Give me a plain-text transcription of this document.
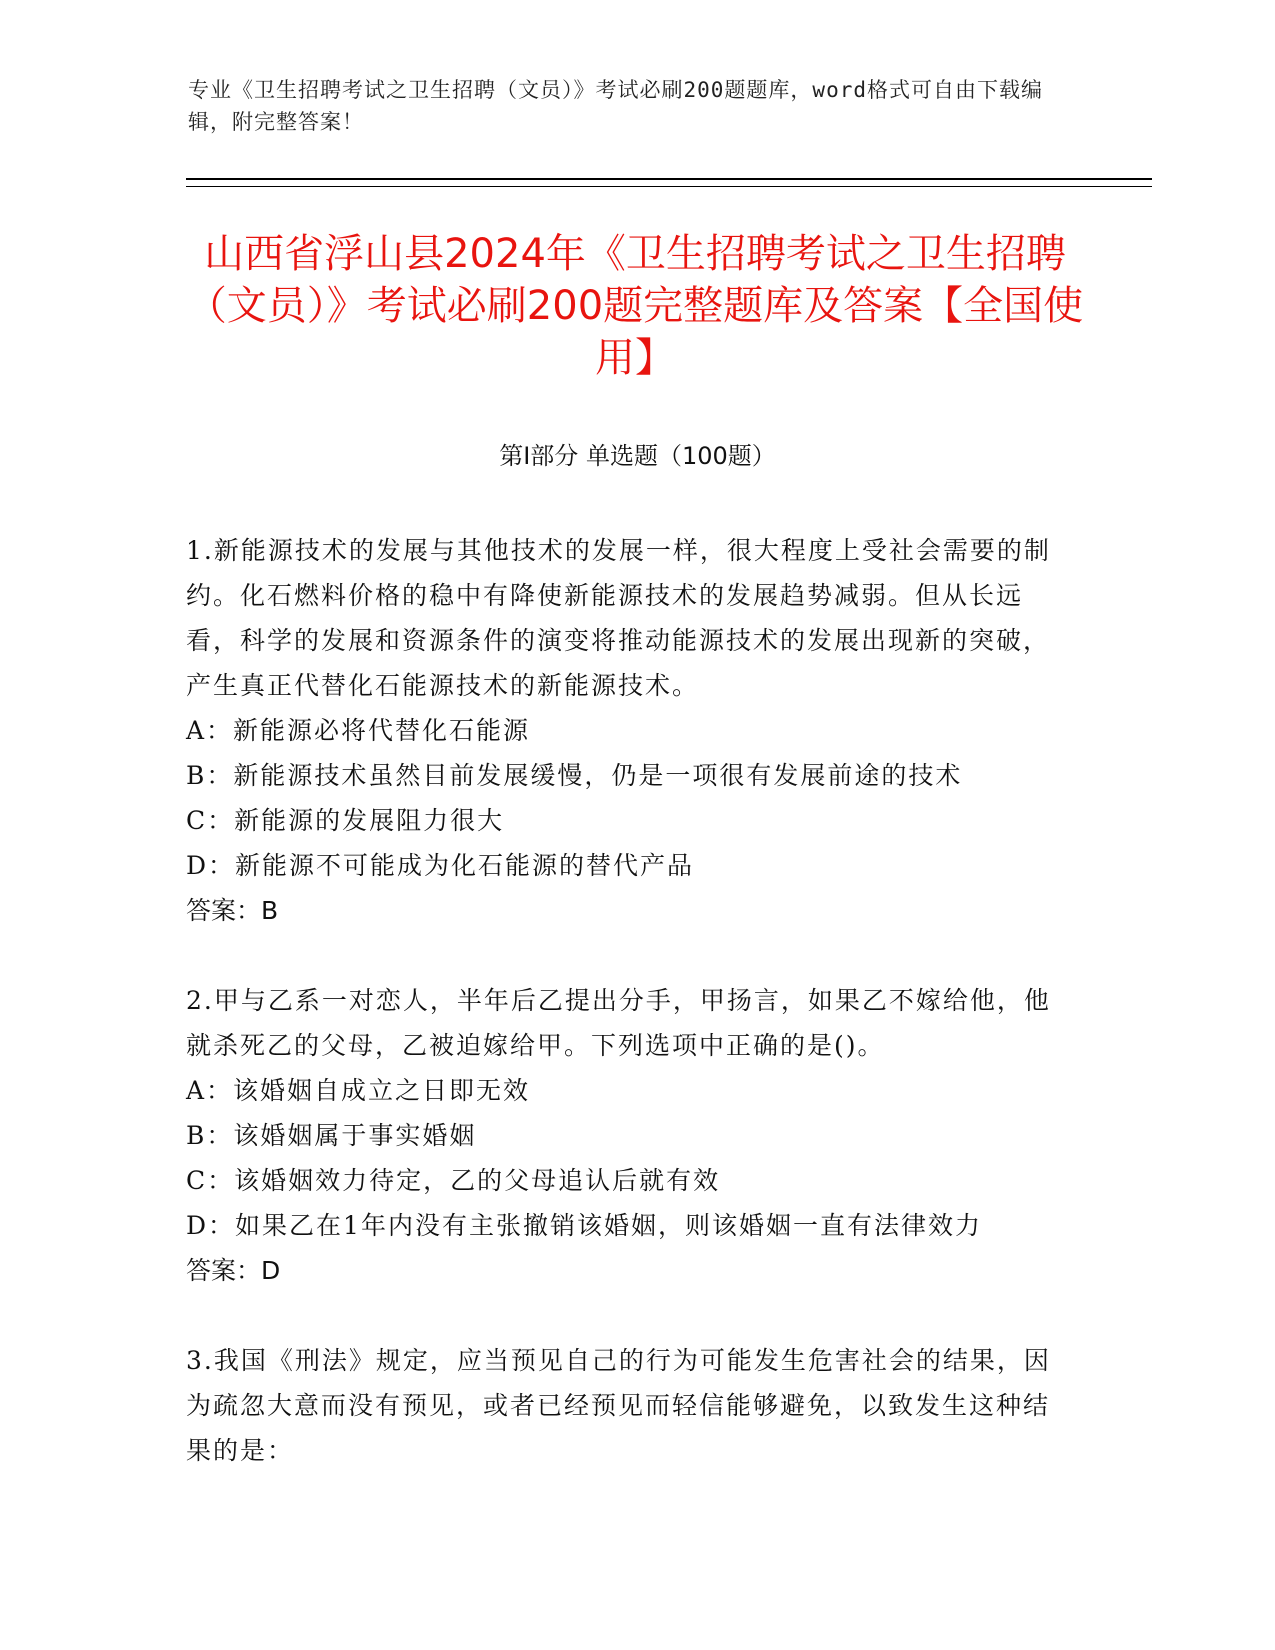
专业《卫生招聘考试之卫生招聘（文员）》考试必刷200题题库，word格式可自由下载编辑，附完整答案！
山西省浮山县2024年《卫生招聘考试之卫生招聘（文员）》考试必刷200题完整题库及答案【全国使用】
第Ⅰ部分 单选题（100题）

1.新能源技术的发展与其他技术的发展一样，很大程度上受社会需要的制约。化石燃料价格的稳中有降使新能源技术的发展趋势减弱。但从长远看，科学的发展和资源条件的演变将推动能源技术的发展出现新的突破，产生真正代替化石能源技术的新能源技术。

A：新能源必将代替化石能源

B：新能源技术虽然目前发展缓慢，仍是一项很有发展前途的技术

C：新能源的发展阻力很大

D：新能源不可能成为化石能源的替代产品

答案：B

2.甲与乙系一对恋人，半年后乙提出分手，甲扬言，如果乙不嫁给他，他就杀死乙的父母，乙被迫嫁给甲。下列选项中正确的是()。

A：该婚姻自成立之日即无效

B：该婚姻属于事实婚姻

C：该婚姻效力待定，乙的父母追认后就有效

D：如果乙在1年内没有主张撤销该婚姻，则该婚姻一直有法律效力

答案：D

3.我国《刑法》规定，应当预见自己的行为可能发生危害社会的结果，因为疏忽大意而没有预见，或者已经预见而轻信能够避免，以致发生这种结果的是：
